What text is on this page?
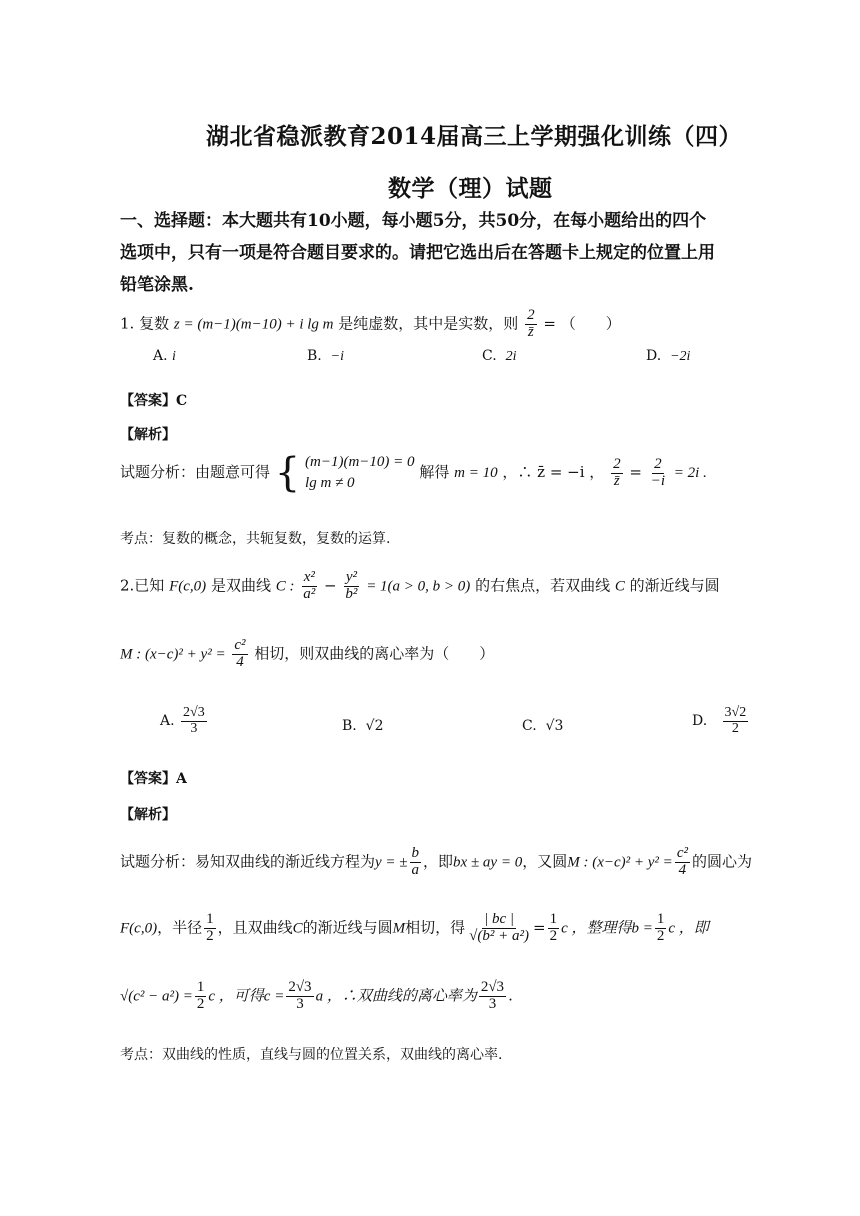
湖北省稳派教育2014届高三上学期强化训练（四）
数学（理）试题
一、选择题：本大题共有10小题，每小题5分，共50分，在每小题给出的四个
选项中，只有一项是符合题目要求的。请把它选出后在答题卡上规定的位置上用
铅笔涂黑.
1. 复数 z = (m−1)(m−10) + i lg m 是纯虚数，其中是实数，则 $\frac{2}{z̄}$ = （　　）
A. i	B. −i	C. 2i	D. −2i
【答案】C
【解析】
试题分析：由题意可得 { (m−1)(m−10) = 0
lg m ≠ 0
解得 m = 10 ，∴ z̄ = −i ， $\frac{2}{z̄} = \frac{2}{-i} = 2i$ .
考点：复数的概念，共轭复数，复数的运算.
2.已知 F(c,0) 是双曲线 C : $\frac{\text{x²}}{\text{a²}} - \frac{\text{y²}}{\text{b²}} = 1(a > 0$, b > 0) 的右焦点，若双曲线 C 的渐近线与圆
M : $(x-c)^2 + y^2 = \frac{\text{c²}}{4}$ 相切，则双曲线的离心率为（　　）
A. $\frac{2√3}{3}$	B. √2	C. √3	D. $\frac{3√2}{2}$
【答案】A
【解析】
试题分析：易知双曲线的渐近线方程为y = ± $\frac{b}{a}$ ，即bx ± ay = 0，又圆M : $(x-c)^2 + y^2 = \frac{\text{c²}}{4}$ 的圆心为
F(c,0)，半径 $\frac{1}{2}$ ，且双曲线C的渐近线与圆M相切，得 $\frac{| bc |}{\text{√(b² + a²)}} = \frac{1}{2}$ c ，整理得$b = \frac{1}{2}$ c ，即
$√(c^2 - a^2) = \frac{1}{2}$ c ，可得$c = \frac{2√3}{3}$ a ，∴双曲线的离心率为 $\frac{2√3}{3}$ .
考点：双曲线的性质，直线与圆的位置关系，双曲线的离心率.
